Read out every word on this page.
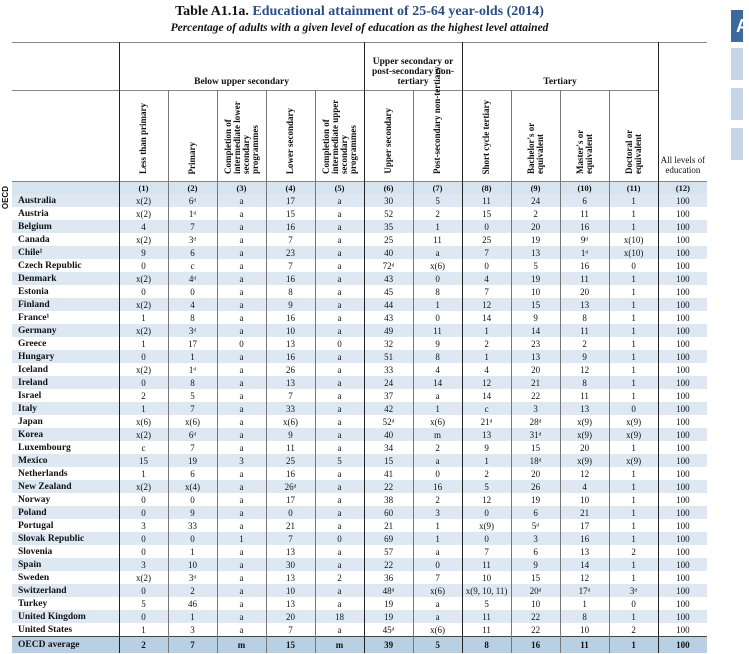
Table A1.1a. Educational attainment of 25-64 year-olds (2014)
Percentage of adults with a given level of education as the highest level attained
OECD
	Below upper secondary					Upper secondary or post-secondary non-tertiary		Tertiary				All levels of education
	Less than primary	Primary	Completion of intermediate lower secondary programmes	Lower secondary	Completion of intermediate upper secondary programmes	Upper secondary	Post-secondary non-tertiary	Short cycle tertiary	Bachelor's or equivalent	Master's or equivalent	Doctoral or equivalent	
	(1)	(2)	(3)	(4)	(5)	(6)	(7)	(8)	(9)	(10)	(11)	(12)
Australia	x(2)	6ᵈ	a	17	a	30	5	11	24	6	1	100
Austria	x(2)	1ᵈ	a	15	a	52	2	15	2	11	1	100
Belgium	4	7	a	16	a	35	1	0	20	16	1	100
Canada	x(2)	3ᵈ	a	7	a	25	11	25	19	9ᵈ	x(10)	100
Chile¹	9	6	a	23	a	40	a	7	13	1ᵈ	x(10)	100
Czech Republic	0	c	a	7	a	72ᵈ	x(6)	0	5	16	0	100
Denmark	x(2)	4ᵈ	a	16	a	43	0	4	19	11	1	100
Estonia	0	0	a	8	a	45	8	7	10	20	1	100
Finland	x(2)	4	a	9	a	44	1	12	15	13	1	100
France¹	1	8	a	16	a	43	0	14	9	8	1	100
Germany	x(2)	3ᵈ	a	10	a	49	11	1	14	11	1	100
Greece	1	17	0	13	0	32	9	2	23	2	1	100
Hungary	0	1	a	16	a	51	8	1	13	9	1	100
Iceland	x(2)	1ᵈ	a	26	a	33	4	4	20	12	1	100
Ireland	0	8	a	13	a	24	14	12	21	8	1	100
Israel	2	5	a	7	a	37	a	14	22	11	1	100
Italy	1	7	a	33	a	42	1	c	3	13	0	100
Japan	x(6)	x(6)	a	x(6)	a	52ᵈ	x(6)	21ᵈ	28ᵈ	x(9)	x(9)	100
Korea	x(2)	6ᵈ	a	9	a	40	m	13	31ᵈ	x(9)	x(9)	100
Luxembourg	c	7	a	11	a	34	2	9	15	20	1	100
Mexico	15	19	3	25	5	15	a	1	18ᵈ	x(9)	x(9)	100
Netherlands	1	6	a	16	a	41	0	2	20	12	1	100
New Zealand	x(2)	x(4)	a	26ᵈ	a	22	16	5	26	4	1	100
Norway	0	0	a	17	a	38	2	12	19	10	1	100
Poland	0	9	a	0	a	60	3	0	6	21	1	100
Portugal	3	33	a	21	a	21	1	x(9)	5ᵈ	17	1	100
Slovak Republic	0	0	1	7	0	69	1	0	3	16	1	100
Slovenia	0	1	a	13	a	57	a	7	6	13	2	100
Spain	3	10	a	30	a	22	0	11	9	14	1	100
Sweden	x(2)	3ᵈ	a	13	2	36	7	10	15	12	1	100
Switzerland	0	2	a	10	a	48ᵈ	x(6)	x(9, 10, 11)	20ᵈ	17ᵈ	3ᵈ	100
Turkey	5	46	a	13	a	19	a	5	10	1	0	100
United Kingdom	0	1	a	20	18	19	a	11	22	8	1	100
United States	1	3	a	7	a	45ᵈ	x(6)	11	22	10	2	100
OECD average	2	7	m	15	m	39	5	8	16	11	1	100
A
